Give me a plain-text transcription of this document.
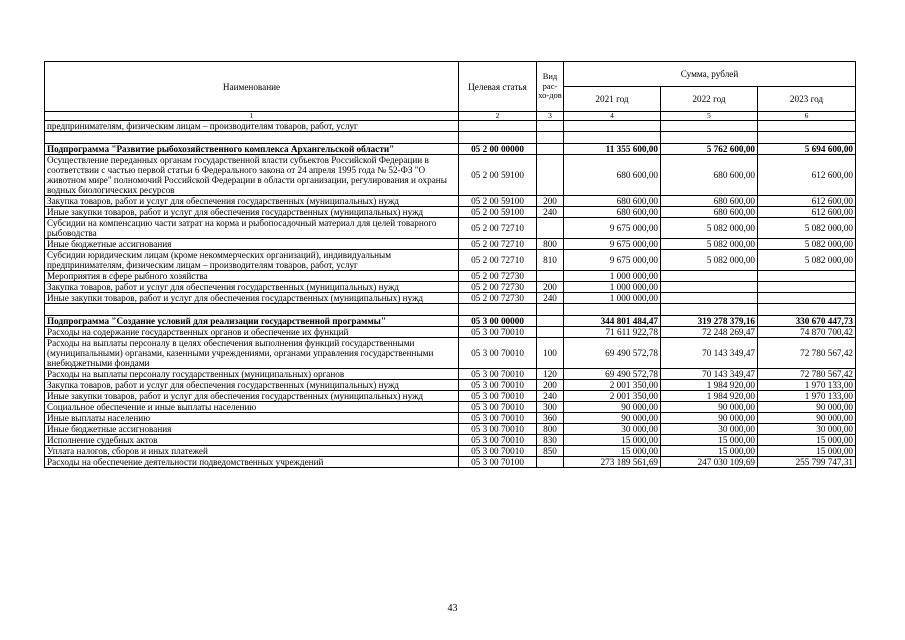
Наименование	Целевая статья	Вид рас-хо-дов	Сумма, рублей		
			2021 год	2022 год	2023 год
1	2	3	4	5	6
предпринимателям, физическим лицам – производителям товаров, работ, услуг					

Подпрограмма "Развитие рыбохозяйственного комплекса Архангельской области"	05 2 00 00000		11 355 600,00	5 762 600,00	5 694 600,00
Осуществление переданных органам государственной власти субъектов Российской Федерации в соответствии с частью первой статьи 6 Федерального закона от 24 апреля 1995 года № 52-ФЗ "О животном мире" полномочий Российской Федерации в области организации, регулирования и охраны водных биологических ресурсов	05 2 00 59100		680 600,00	680 600,00	612 600,00
Закупка товаров, работ и услуг для обеспечения государственных (муниципальных) нужд	05 2 00 59100	200	680 600,00	680 600,00	612 600,00
Иные закупки товаров, работ и услуг для обеспечения государственных (муниципальных) нужд	05 2 00 59100	240	680 600,00	680 600,00	612 600,00
Субсидии на компенсацию части затрат на корма и рыбопосадочный материал для целей товарного рыбоводства	05 2 00 72710		9 675 000,00	5 082 000,00	5 082 000,00
Иные бюджетные ассигнования	05 2 00 72710	800	9 675 000,00	5 082 000,00	5 082 000,00
Субсидии юридическим лицам (кроме некоммерческих организаций), индивидуальным предпринимателям, физическим лицам – производителям товаров, работ, услуг	05 2 00 72710	810	9 675 000,00	5 082 000,00	5 082 000,00
Мероприятия в сфере рыбного хозяйства	05 2 00 72730		1 000 000,00		
Закупка товаров, работ и услуг для обеспечения государственных (муниципальных) нужд	05 2 00 72730	200	1 000 000,00		
Иные закупки товаров, работ и услуг для обеспечения государственных (муниципальных) нужд	05 2 00 72730	240	1 000 000,00		

Подпрограмма "Создание условий для реализации государственной программы"	05 3 00 00000		344 801 484,47	319 278 379,16	330 670 447,73
Расходы на содержание государственных органов и обеспечение их функций	05 3 00 70010		71 611 922,78	72 248 269,47	74 870 700,42
Расходы на выплаты персоналу в целях обеспечения выполнения функций государственными (муниципальными) органами, казенными учреждениями, органами управления государственными внебюджетными фондами	05 3 00 70010	100	69 490 572,78	70 143 349,47	72 780 567,42
Расходы на выплаты персоналу государственных (муниципальных) органов	05 3 00 70010	120	69 490 572,78	70 143 349,47	72 780 567,42
Закупка товаров, работ и услуг для обеспечения государственных (муниципальных) нужд	05 3 00 70010	200	2 001 350,00	1 984 920,00	1 970 133,00
Иные закупки товаров, работ и услуг для обеспечения государственных (муниципальных) нужд	05 3 00 70010	240	2 001 350,00	1 984 920,00	1 970 133,00
Социальное обеспечение и иные выплаты населению	05 3 00 70010	300	90 000,00	90 000,00	90 000,00
Иные выплаты населению	05 3 00 70010	360	90 000,00	90 000,00	90 000,00
Иные бюджетные ассигнования	05 3 00 70010	800	30 000,00	30 000,00	30 000,00
Исполнение судебных актов	05 3 00 70010	830	15 000,00	15 000,00	15 000,00
Уплата налогов, сборов и иных платежей	05 3 00 70010	850	15 000,00	15 000,00	15 000,00
Расходы на обеспечение деятельности подведомственных учреждений	05 3 00 70100		273 189 561,69	247 030 109,69	255 799 747,31
43
